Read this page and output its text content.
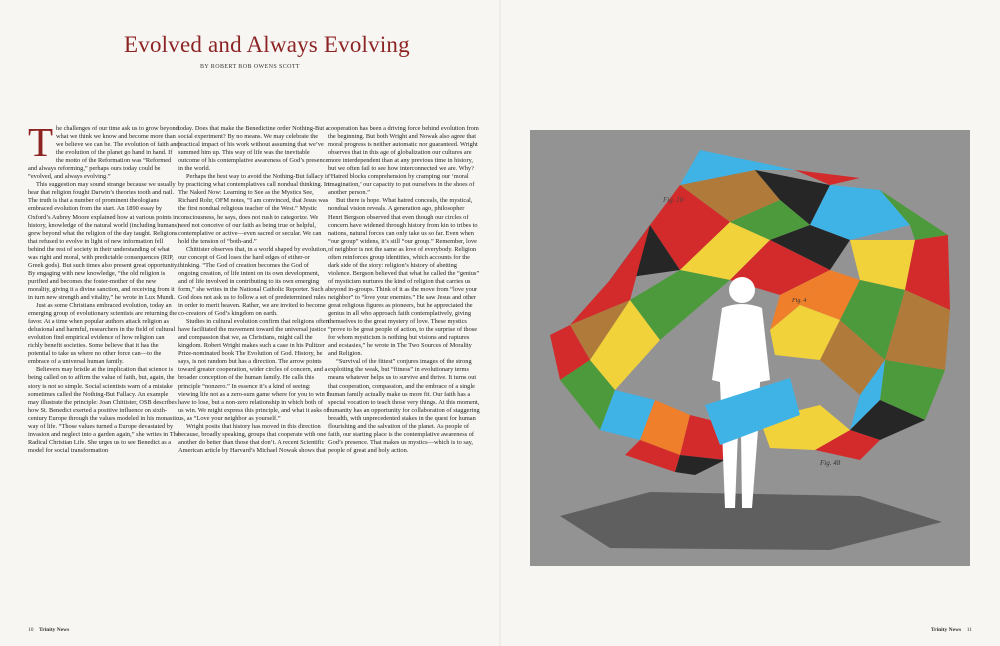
Evolved and Always Evolving

BY ROBERT BOB OWENS SCOTT

The challenges of our time ask us to grow beyond what we think we know and become more than we believe we can be. The evolution of faith and the evolution of the planet go hand in hand. If the motto of the Reformation was “Reformed and always reforming,” perhaps ours today could be “evolved, and always evolving.”

This suggestion may sound strange because we usually hear that religion fought Darwin’s theories tooth and nail. The truth is that a number of prominent theologians embraced evolution from the start. An 1890 essay by Oxford’s Aubrey Moore explained how at various points in history, knowledge of the natural world (including humans) grew beyond what the religion of the day taught. Religions that refused to evolve in light of new information fell behind the rest of society in their understanding of what was right and moral, with predictable consequences (RIP, Greek gods). But such times also present great opportunity. By engaging with new knowledge, “the old religion is purified and becomes the foster-mother of the new morality, giving it a divine sanction, and receiving from it in turn new strength and vitality,” he wrote in Lux Mundi.

Just as some Christians embraced evolution, today an emerging group of evolutionary scientists are returning the favor. At a time when popular authors attack religion as delusional and harmful, researchers in the field of cultural evolution find empirical evidence of how religion can richly benefit societies. Some believe that it has the potential to take us where no other force can—to the embrace of a universal human family.

Believers may bristle at the implication that science is being called on to affirm the value of faith, but, again, the story is not so simple. Social scientists warn of a mistake sometimes called the Nothing-But Fallacy. An example may illustrate the principle: Joan Chittister, OSB describes how St. Benedict exerted a positive influence on sixth-century Europe through the values modeled in his monastic way of life. “Those values turned a Europe devastated by invasion and neglect into a garden again,” she writes in The Radical Christian Life. She urges us to see Benedict as a model for social transformation

today. Does that make the Benedictine order Nothing-But a social experiment? By no means. We may celebrate the practical impact of his work without assuming that we’ve summed him up. This way of life was the inevitable outcome of his contemplative awareness of God’s presence in the world.

Perhaps the best way to avoid the Nothing-But fallacy is by practicing what contemplatives call nondual thinking. In The Naked Now: Learning to See as the Mystics See, Richard Rohr, OFM notes, “I am convinced, that Jesus was the first nondual religious teacher of the West.” Mystic consciousness, he says, does not rush to categorize. We need not conceive of our faith as being true or helpful, contemplative or active—even sacred or secular. We can hold the tension of “both-and.”

Chittister observes that, in a world shaped by evolution, our concept of God loses the hard edges of either-or thinking. “The God of creation becomes the God of ongoing creation, of life intent on its own development, and of life involved in contributing to its own emerging form,” she writes in the National Catholic Reporter. Such a God does not ask us to follow a set of predetermined rules in order to merit heaven. Rather, we are invited to become co-creators of God’s kingdom on earth.

Studies in cultural evolution confirm that religions often have facilitated the movement toward the universal justice and compassion that we, as Christians, might call the kingdom. Robert Wright makes such a case in his Pulitzer Prize-nominated book The Evolution of God. History, he says, is not random but has a direction. The arrow points toward greater cooperation, wider circles of concern, and a broader conception of the human family. He calls this principle “nonzero.” In essence it’s a kind of seeing: viewing life not as a zero-sum game where for you to win I have to lose, but a non-zero relationship in which both of us win. We might express this principle, and what it asks of us, as “Love your neighbor as yourself.”

Wright posits that history has moved in this direction because, broadly speaking, groups that cooperate with one another do better than those that don’t. A recent Scientific American article by Harvard’s Michael Nowak shows that

cooperation has been a driving force behind evolution from the beginning. But both Wright and Nowak also agree that moral progress is neither automatic nor guaranteed. Wright observes that in this age of globalization our cultures are more interdependent than at any previous time in history, but we often fail to see how interconnected we are. Why? “Hatred blocks comprehension by cramping our ‘moral imagination,’ our capacity to put ourselves in the shoes of another person.”

But there is hope. What hatred conceals, the mystical, nondual vision reveals. A generation ago, philosopher Henri Bergson observed that even though our circles of concern have widened through history from kin to tribes to nations, natural forces can only take us so far. Even when “our group” widens, it’s still “our group.” Remember, love of neighbor is not the same as love of everybody. Religion often reinforces group identities, which accounts for the dark side of the story: religion’s history of abetting violence. Bergson believed that what he called the “genius” of mysticism nurtures the kind of religion that carries us beyond in-groups. Think of it as the move from “love your neighbor” to “love your enemies.” He saw Jesus and other great religious figures as pioneers, but he appreciated the genius in all who approach faith contemplatively, giving themselves to the great mystery of love. These mystics “prove to be great people of action, to the surprise of those for whom mysticism is nothing but visions and raptures and ecstasies,” he wrote in The Two Sources of Morality and Religion.

“Survival of the fittest” conjures images of the strong exploiting the weak, but “fitness” in evolutionary terms means whatever helps us to survive and thrive. It turns out that cooperation, compassion, and the embrace of a single human family actually make us more fit. Our faith has a special vocation to teach those very things. At this moment, humanity has an opportunity for collaboration of staggering breadth, with unprecedented stakes in the quest for human flourishing and the salvation of the planet. As people of faith, our starting place is the contemplative awareness of God’s presence. That makes us mystics—which is to say, people of great and holy action.

Fig. 10
Fig. 4
Fig. 48
10 Trinity News	Trinity News 11
